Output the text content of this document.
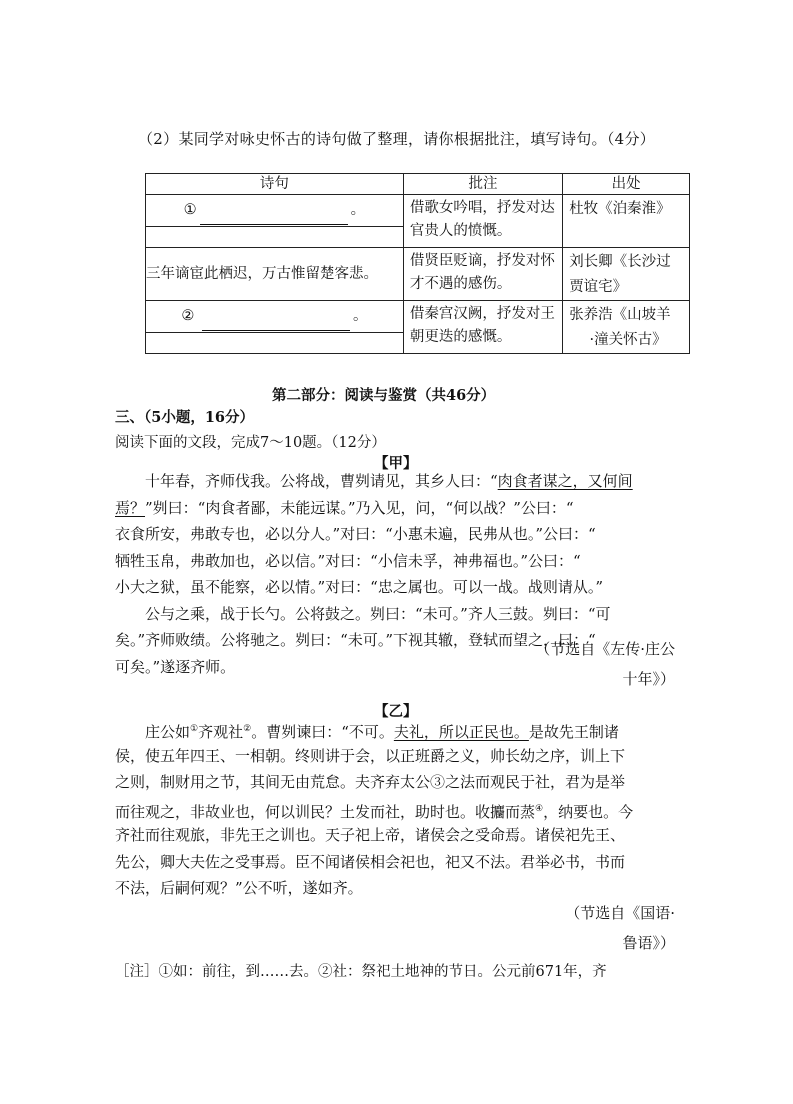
（2）某同学对咏史怀古的诗句做了整理，请你根据批注，填写诗句。（4分）
诗句	批注	出处
① 。	借歌女吟唱，抒发对达官贵人的愤慨。	杜牧《泊秦淮》

三年谪宦此栖迟，万古惟留楚客悲。	借贤臣贬谪，抒发对怀才不遇的感伤。	刘长卿《长沙过
贾谊宅》

② 。	借秦宫汉阙，抒发对王朝更迭的感慨。	张养浩《山坡羊
·潼关怀古》

第二部分：阅读与鉴赏（共46分）
三、（5小题，16分）
阅读下面的文段，完成7～10题。（12分）
【甲】
十年春，齐师伐我。公将战，曹刿请见，其乡人曰：“肉食者谋之，又何间
焉？”刿曰：“肉食者鄙，未能远谋。”乃入见，问，“何以战？”公曰：“
衣食所安，弗敢专也，必以分人。”对曰：“小惠未遍，民弗从也。”公曰：“
牺牲玉帛，弗敢加也，必以信。”对曰：“小信未孚，神弗福也。”公曰：“
小大之狱，虽不能察，必以情。”对曰：“忠之属也。可以一战。战则请从。”
公与之乘，战于长勺。公将鼓之。刿曰：“未可。”齐人三鼓。刿曰：“可
矣。”齐师败绩。公将驰之。刿曰：“未可。”下视其辙，登轼而望之，曰：“
可矣。”遂逐齐师。
（节选自《左传·庄公
十年》）
【乙】
庄公如①齐观社②。曹刿谏曰：“不可。夫礼，所以正民也。是故先王制诸
侯，使五年四王、一相朝。终则讲于会，以正班爵之义，帅长幼之序，训上下
之则，制财用之节，其间无由荒怠。夫齐弃太公③之法而观民于社，君为是举
而往观之，非故业也，何以训民？土发而社，助时也。收攟而蒸④，纳要也。今
齐社而往观旅，非先王之训也。天子祀上帝，诸侯会之受命焉。诸侯祀先王、
先公，卿大夫佐之受事焉。臣不闻诸侯相会祀也，祀又不法。君举必书，书而
不法，后嗣何观？”公不听，遂如齐。
（节选自《国语·
鲁语》）
［注］①如：前往，到……去。②社：祭祀土地神的节日。公元前671年，齐
